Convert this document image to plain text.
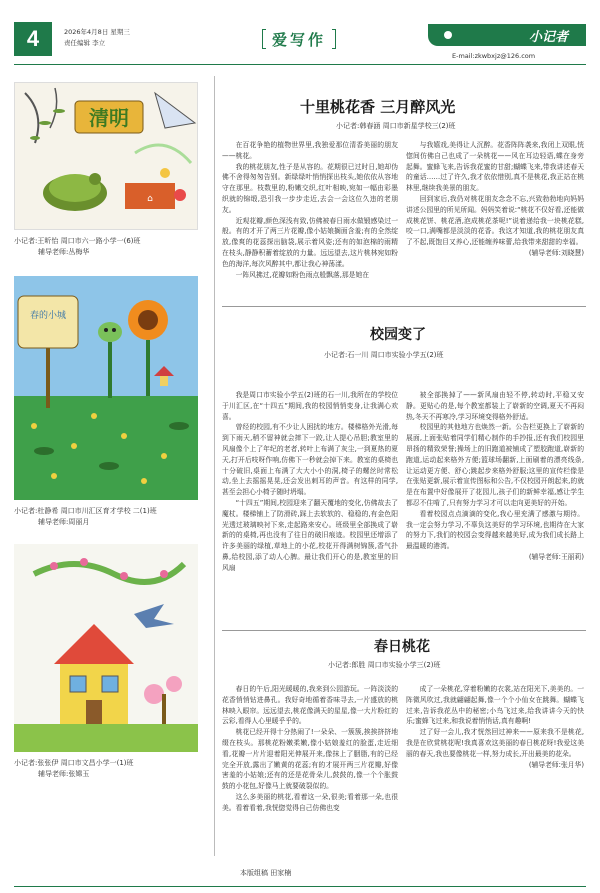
4	2026年4月8日 星期三
责任编辑 李立	爱写作	小记者
E-mail:zkwbxjz@126.com
清明
⌂
小记者:王昕怡 周口市六一路小学一(6)班
辅导老师:丛梅华
春的小城
小记者:杜静希 周口市川汇区育才学校 二(1)班
辅导老师:周丽月
小记者:张张伊 周口市文昌小学一(1)班
辅导老师:张嫦玉
十里桃花香 三月醉风光
小记者:韩春涵 周口市新星学校三(2)班

在百花争艳的植物世界里,我独爱那位清香美丽的朋友——桃花。

我的桃花朋友,性子是从容的。花期很已过时日,她却伪佛不舍得匆匆告别。新绿绿叶悄悄探出枝头,她依依从容地守在那里。枝数里的,粉嫩交织,红叶相映,宛如一幅由彩墨织就的锦缎,恐引我一步步走近,去会一会这位久违的老朋友。

近观花瓣,颜色深浅有致,仿佛被春日雨水做锻感染过一般。有的才开了两三片花瓣,像小姑娘搁面含羞;有的全然绽放,像爽的花蕊探出脑袋,展示着风姿;还有的如泡棉的雨精在枝头,静静积蓄着绽放的力量。远远望去,这片桃林宛如粉色的海洋,每次风醉其中,都让我心神荡漾。

一阵风拂过,花瓣如粉色雨点般飘落,那是她在

与我嬉戏,美得让人沉醉。花香阵阵袭来,我闭上双眼,恍惚间仿佛自己也成了一朵桃花——风在耳边轻语,蝶在身旁起舞。蜜蜂飞来,告诉我花蜜的甘甜;蝴蝶飞来,带我讲述春天的童话……过了许久,我才依依惜别,真不是桃花,我正站在桃林里,继续我美景的朋友。

回到家后,我仍对桃花朋友念念不忘,兴致勃勃地向妈妈讲述公园里的所见所闻。妈妈笑着说:“桃花不仅好看,还能做成桃花饼、桃花酒,泡成桃花茶呢!”说着递给我一块桃花糕,咬一口,满嘴都是淡淡的花香。我这才知道,我的桃花朋友真了不起,既饱目又养心,还能缠养味蕾,给我带来甜甜的幸福。

(辅导老师:刘晓慧)

校园变了
小记者:石一川 周口市实验小学五(2)班

我是周口市实验小学五(2)班的石一川,我所在的学校位于川汇区,在“十四五”期间,我的校园悄悄变身,让我满心欢喜。

曾经的校园,有不少让人困扰的地方。楼梯格外光滑,每到下雨天,稍不留神就会摔下一跤,让人提心吊胆;教室里的风扇像个上了年纪的老者,转叶上布满了灰尘,一到夏热的夏天,打开后吱呀作响,仿佛下一秒就会掉下来。教室的桌椅也十分破旧,桌面上布满了大大小小的洞,椅子的螺丝时常松动,坐上去摇摇晃晃,还会发出刺耳的声音。有这样的同学,甚至会担心小椅子随时坍塌。

“十四五”期间,校园迎来了翻天覆地的变化,仿佛故去了魔杖。楼梯铺上了防滑砖,踩上去软软的、稳稳的,有金色阳光透过玻璃映衬下来,走起路来安心。班级里全部换成了崭新的的桌椅,再也没有了往日的破旧痕迹。校园里还增添了许多美丽的绿植,草地上的小花,校花开得满树锦簇,香气扑鼻,给校园,添了动人心脾。最让我们开心的是,教室里的旧风扇

被全部换掉了——新风扇由轻不停,转动时,平稳又安静。更贴心的是,每个教室都装上了崭新的空调,夏天不再闷热,冬天不再寒冷,学习环境变得格外舒适。

校园里的其他地方也焕然一新。公告栏更换上了崭新的展面,上面张贴着同学们精心制作的手抄报,还有我们校园里昂扬的精致荣誉;操场上的旧跑道被铺成了塑胶跑道,崭新的跑道,运动起来格外方便;篮球场翻新,上面刷着的漂亮线条,让运动更方便、舒心;跳起步来格外舒服;这里的宣传栏像是在张贴更新,展示着宣传图标和公告,不仅校园开朗起来,的就是在布置中好像展开了花园儿,孩子们的新鲜幸福,感让学生都忍不住啃了,只有努力学习才可以走向更美好的开始。

看着校园点点滴滴的变化,我心里充满了感激与期待。我一定会努力学习,不辜负这美好的学习环境,也期待在大家的努力下,我们的校园会变得越来越美好,成为我们成长路上最温暖的港湾。

(辅导老师:王丽莉)

春日桃花
小记者:郎胜 周口市实验小学三(2)班

春日的午后,阳光暖暖的,我来到公园游玩。一阵淡淡的花香悄悄钻进鼻孔。我好奇地循着香味寻去,一片盛放的桃林映入眼帘。远远望去,桃花像满天的星星,像一大片粉红的云彩,看得人心里暖乎乎的。

桃花已经开得十分热闹了!一朵朵、一簇簇,挨挨挤挤地缀在枝头。那桃花粉嫩柔嫩,像小姑娘羞红的脸蛋,走近细看,花瓣一片片迎着阳光伸展开来,像抹上了胭脂,有的已经完全开放,露出了嫩黄的花蕊;有的才展开两三片花瓣,好像害羞的小姑娘;还有的还是花骨朵儿,鼓鼓的,像一个个胀鼓鼓的小花包,好像马上就要破裂似的。

这么多美丽的桃花,看着这一朵,很美;看着那一朵,也很美。看着看着,我恍惚觉得自己仿佛也变

成了一朵桃花,穿着粉嫩的衣裳,站在阳光下,美美的。一阵微风吹过,我就翩翩起舞,像一个个小仙女在跳舞。蝴蝶飞过来,告诉我花丛中的秘密;小鸟飞过来,给我讲讲今天的快乐;蜜蜂飞过来,和我说着悄悄话,真有趣啊!

过了好一会儿,我才恍然回过神来——原来我不是桃花,我是在欣赏桃花呢!我真喜欢这美丽的春日桃花呀!我爱这美丽的春天,我也要像桃花一样,努力成长,开出最美的花朵。

(辅导老师:张月华)

本版组稿 田家楠
